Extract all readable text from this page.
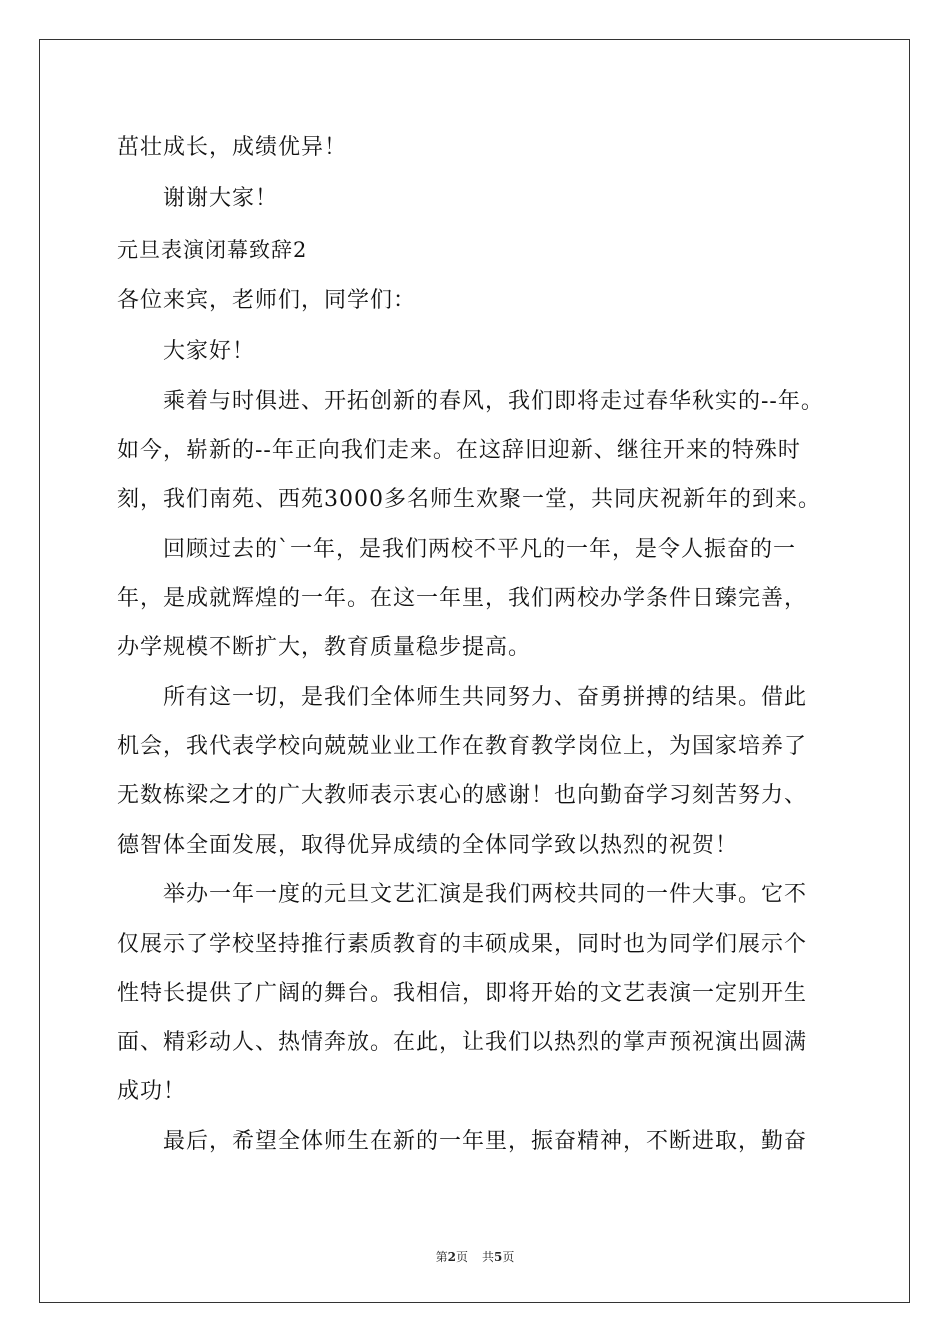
茁壮成长，成绩优异！
谢谢大家！
元旦表演闭幕致辞2
各位来宾，老师们，同学们：
大家好！
乘着与时俱进、开拓创新的春风，我们即将走过春华秋实的--年。
如今，崭新的--年正向我们走来。在这辞旧迎新、继往开来的特殊时
刻，我们南苑、西苑3000多名师生欢聚一堂，共同庆祝新年的到来。
回顾过去的`一年，是我们两校不平凡的一年，是令人振奋的一
年，是成就辉煌的一年。在这一年里，我们两校办学条件日臻完善，
办学规模不断扩大，教育质量稳步提高。
所有这一切，是我们全体师生共同努力、奋勇拼搏的结果。借此
机会，我代表学校向兢兢业业工作在教育教学岗位上，为国家培养了
无数栋梁之才的广大教师表示衷心的感谢！也向勤奋学习刻苦努力、
德智体全面发展，取得优异成绩的全体同学致以热烈的祝贺！
举办一年一度的元旦文艺汇演是我们两校共同的一件大事。它不
仅展示了学校坚持推行素质教育的丰硕成果，同时也为同学们展示个
性特长提供了广阔的舞台。我相信，即将开始的文艺表演一定别开生
面、精彩动人、热情奔放。在此，让我们以热烈的掌声预祝演出圆满
成功！
最后，希望全体师生在新的一年里，振奋精神，不断进取，勤奋
第2页 共5页
